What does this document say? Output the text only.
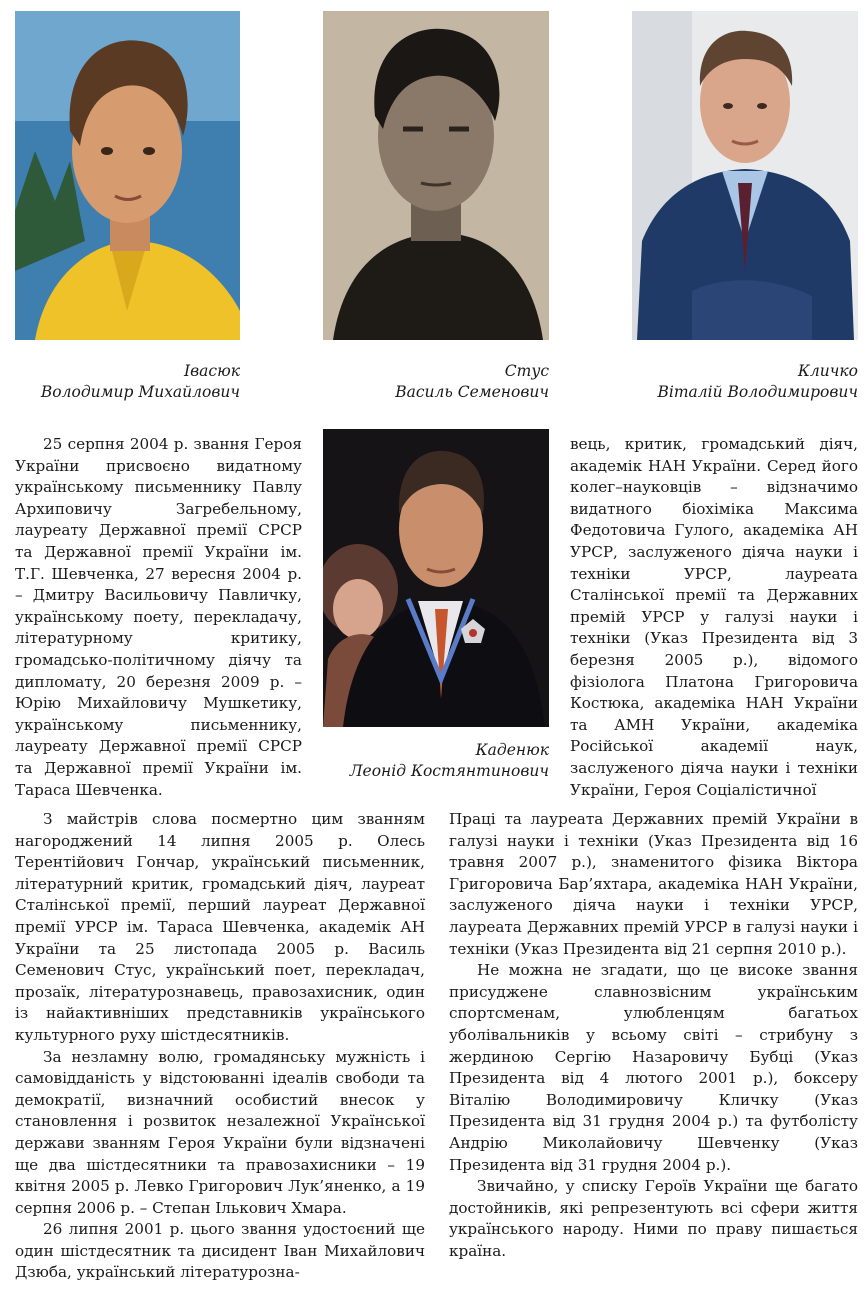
Івасюк
Володимир Михайлович
Стус
Василь Семенович
Кличко
Віталій Володимирович
Каденюк
Леонід Костянтинович

25 серпня 2004 р. звання Героя України присвоєно видатному українському письменнику Павлу Архиповичу Загребельному, лауреату Державної премії СРСР та Державної премії України ім. Т.Г. Шевченка, 27 вересня 2004 р. – Дмитру Васильовичу Павличку, українському поету, перекладачу, літературному критику, громадсько-політичному діячу та дипломату, 20 березня 2009 р. – Юрію Михайловичу Мушкетику, українському письменнику, лауреату Державної премії СРСР та Державної премії України ім. Тараса Шевченка.

З майстрів слова посмертно цим званням нагороджений 14 липня 2005 р. Олесь Терентійович Гончар, український письменник, літературний критик, громадський діяч, лауреат Сталінської премії, перший лауреат Державної премії УРСР ім. Тараса Шевченка, академік АН України та 25 листопада 2005 р. Василь Семенович Стус, український поет, перекладач, прозаїк, літературознавець, правозахисник, один із найактивніших представників українського культурного руху шістдесятників.

За незламну волю, громадянську мужність і самовідданість у відстоюванні ідеалів свободи та демократії, визначний особистий внесок у становлення і розвиток незалежної Української держави званням Героя України були відзначені ще два шістдесятники та правозахисники – 19 квітня 2005 р. Левко Григорович Лук’яненко, а 19 серпня 2006 р. – Степан Ількович Хмара.

26 липня 2001 р. цього звання удостоєний ще один шістдесятник та дисидент Іван Михайлович Дзюба, український літературозна-

вець, критик, громадський діяч, академік НАН України. Серед його колег–науковців – відзначимо видатного біохіміка Максима Федотовича Гулого, академіка АН УРСР, заслуженого діяча науки і техніки УРСР, лауреата Сталінської премії та Державних премій УРСР у галузі науки і техніки (Указ Президента від 3 березня 2005 р.), відомого фізіолога Платона Григоровича Костюка, академіка НАН України та АМН України, академіка Російської академії наук, заслуженого діяча науки і техніки України, Героя Соціалістичної

Праці та лауреата Державних премій України в галузі науки і техніки (Указ Президента від 16 травня 2007 р.), знаменитого фізика Віктора Григоровича Бар’яхтара, академіка НАН України, заслуженого діяча науки і техніки УРСР, лауреата Державних премій УРСР в галузі науки і техніки (Указ Президента від 21 серпня 2010 р.).

Не можна не згадати, що це високе звання присуджене славнозвісним українським спортсменам, улюбленцям багатьох уболівальників у всьому світі – стрибуну з жердиною Сергію Назаровичу Бубці (Указ Президента від 4 лютого 2001 р.), боксеру Віталію Володимировичу Кличку (Указ Президента від 31 грудня 2004 р.) та футболісту Андрію Миколайовичу Шевченку (Указ Президента від 31 грудня 2004 р.).

Звичайно, у списку Героїв України ще багато достойників, які репрезентують всі сфери життя українського народу. Ними по праву пишається країна.
